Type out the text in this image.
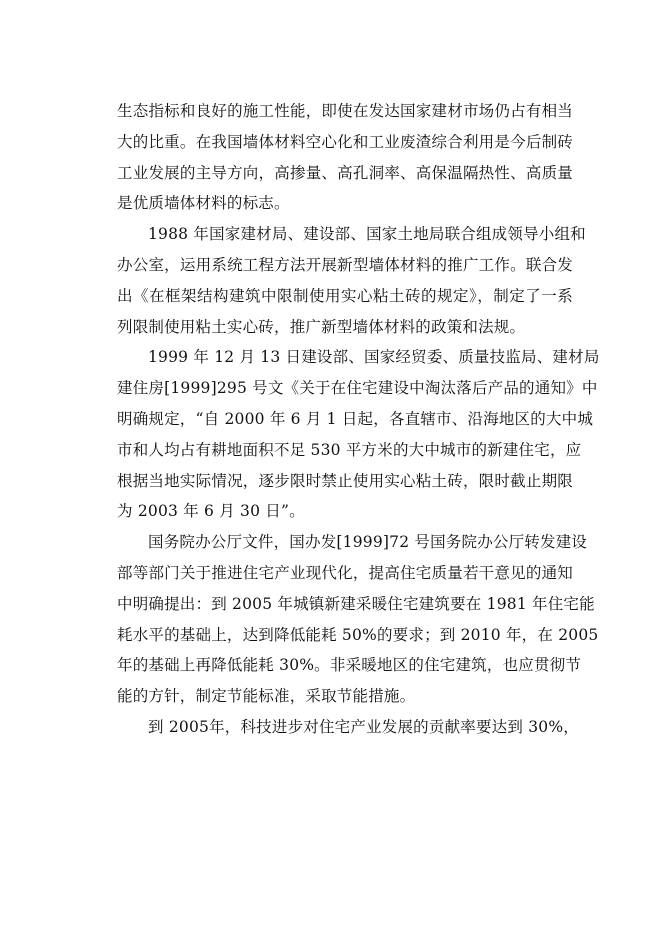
生态指标和良好的施工性能，即使在发达国家建材市场仍占有相当
大的比重。在我国墙体材料空心化和工业废渣综合利用是今后制砖
工业发展的主导方向，高掺量、高孔洞率、高保温隔热性、高质量
是优质墙体材料的标志。
1988 年国家建材局、建设部、国家土地局联合组成领导小组和
办公室，运用系统工程方法开展新型墙体材料的推广工作。联合发
出《在框架结构建筑中限制使用实心粘土砖的规定》，制定了一系
列限制使用粘土实心砖，推广新型墙体材料的政策和法规。
1999 年 12 月 13 日建设部、国家经贸委、质量技监局、建材局
建住房[1999]295 号文《关于在住宅建设中淘汰落后产品的通知》中
明确规定，“自 2000 年 6 月 1 日起，各直辖市、沿海地区的大中城
市和人均占有耕地面积不足 530 平方米的大中城市的新建住宅，应
根据当地实际情况，逐步限时禁止使用实心粘土砖，限时截止期限
为 2003 年 6 月 30 日”。
国务院办公厅文件，国办发[1999]72 号国务院办公厅转发建设
部等部门关于推进住宅产业现代化，提高住宅质量若干意见的通知
中明确提出：到 2005 年城镇新建采暖住宅建筑要在 1981 年住宅能
耗水平的基础上，达到降低能耗 50%的要求；到 2010 年，在 2005
年的基础上再降低能耗 30%。非采暖地区的住宅建筑，也应贯彻节
能的方针，制定节能标准，采取节能措施。
到 2005年，科技进步对住宅产业发展的贡献率要达到 30%，
